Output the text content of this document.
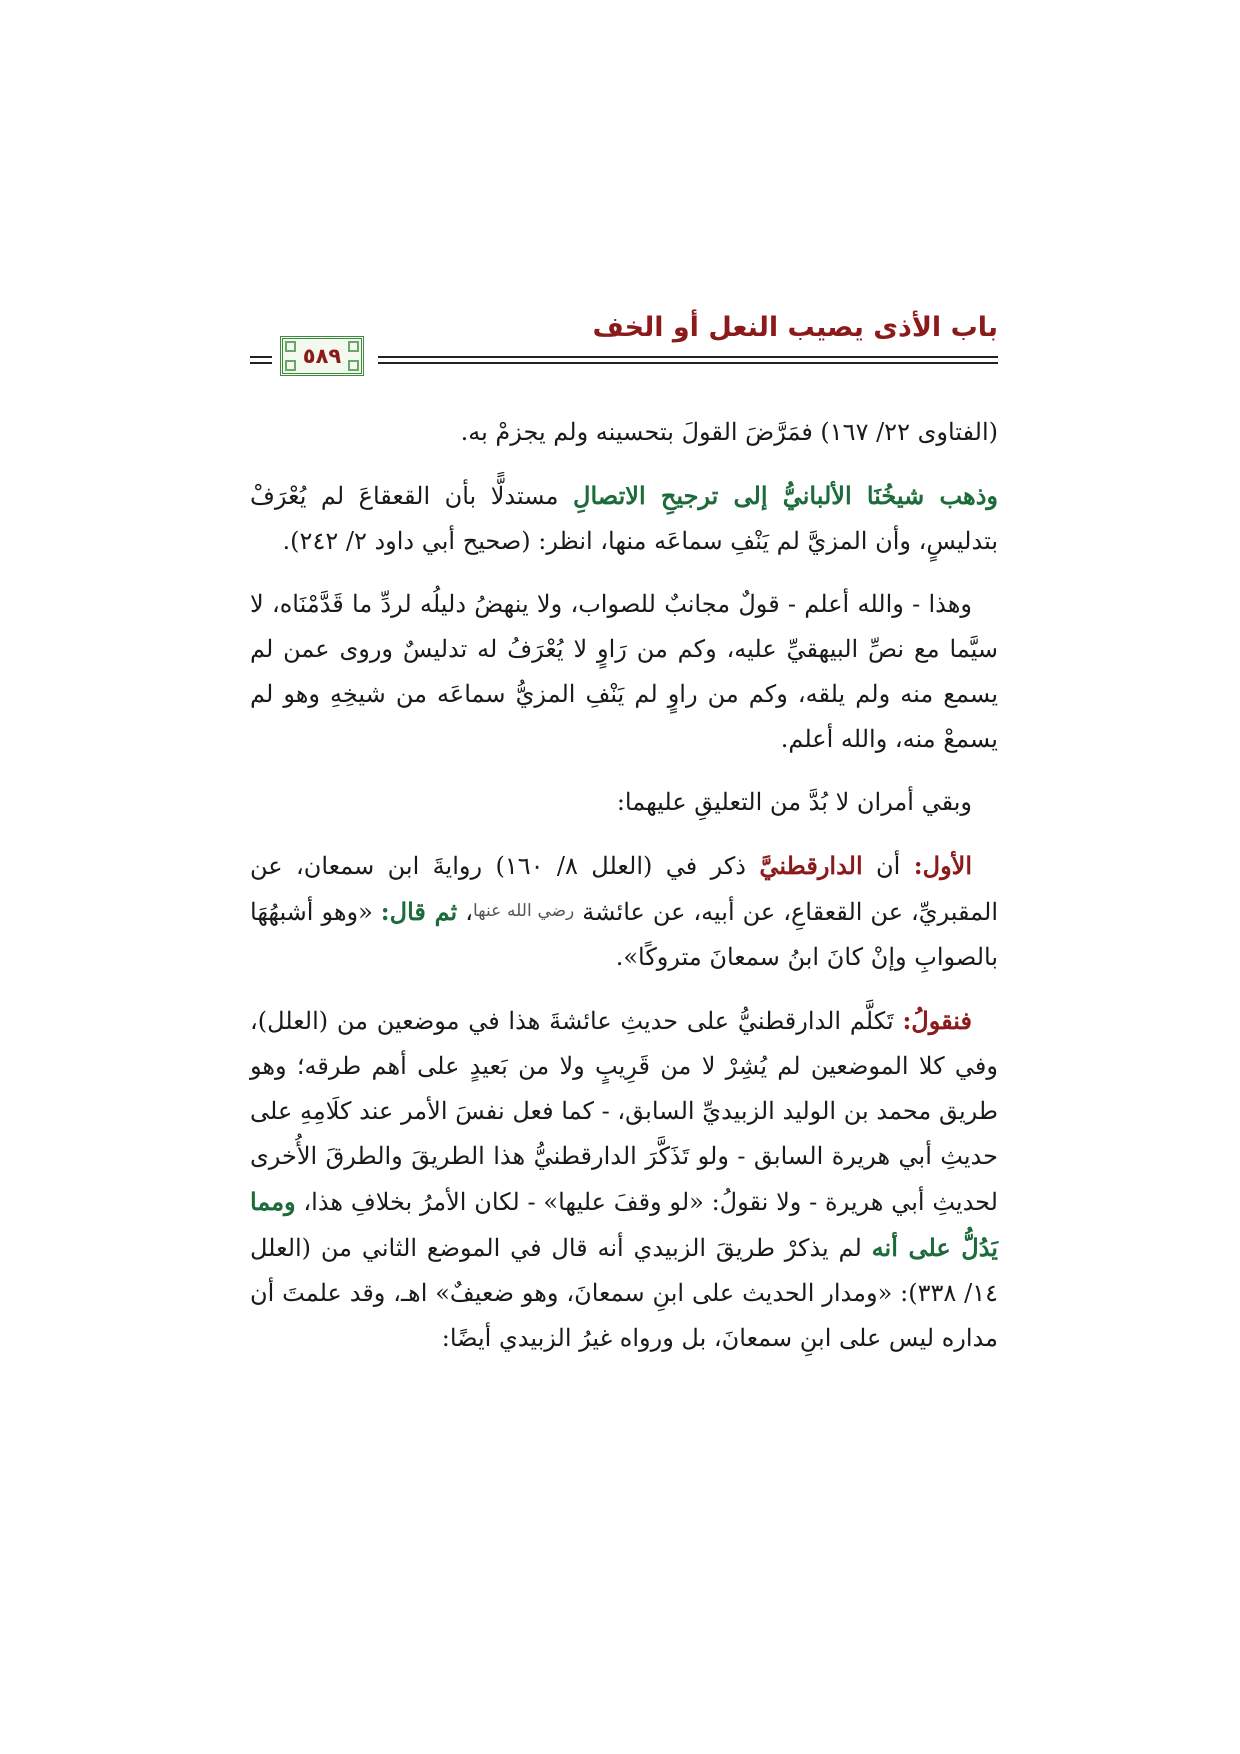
باب الأذى يصيب النعل أو الخف
٥٨٩

(الفتاوى ٢٢/ ١٦٧) فمَرَّضَ القولَ بتحسينه ولم يجزمْ به.

وذهب شيخُنَا الألبانيُّ إلى ترجيحِ الاتصالِ مستدلًّا بأن القعقاعَ لم يُعْرَفْ بتدليسٍ، وأن المزيَّ لم يَنْفِ سماعَه منها، انظر: (صحيح أبي داود ٢/ ٢٤٢).

وهذا - والله أعلم - قولٌ مجانبٌ للصواب، ولا ينهضُ دليلُه لردِّ ما قَدَّمْنَاه، لا سيَّما مع نصِّ البيهقيِّ عليه، وكم من رَاوٍ لا يُعْرَفُ له تدليسٌ وروى عمن لم يسمع منه ولم يلقه، وكم من راوٍ لم يَنْفِ المزيُّ سماعَه من شيخِهِ وهو لم يسمعْ منه، والله أعلم.

وبقي أمران لا بُدَّ من التعليقِ عليهما:

الأول: أن الدارقطنيَّ ذكر في (العلل ٨/ ١٦٠) روايةَ ابن سمعان، عن المقبريِّ، عن القعقاعِ، عن أبيه، عن عائشة رضي الله عنها، ثم قال: «وهو أشبهُهَا بالصوابِ وإنْ كانَ ابنُ سمعانَ متروكًا».

فنقولُ: تَكلَّم الدارقطنيُّ على حديثِ عائشةَ هذا في موضعين من (العلل)، وفي كلا الموضعين لم يُشِرْ لا من قَرِيبٍ ولا من بَعيدٍ على أهم طرقه؛ وهو طريق محمد بن الوليد الزبيديِّ السابق، - كما فعل نفسَ الأمر عند كلَامِهِ على حديثِ أبي هريرة السابق - ولو تَذَكَّرَ الدارقطنيُّ هذا الطريقَ والطرقَ الأُخرى لحديثِ أبي هريرة - ولا نقولُ: «لو وقفَ عليها» - لكان الأمرُ بخلافِ هذا، ومما يَدُلُّ على أنه لم يذكرْ طريقَ الزبيدي أنه قال في الموضع الثاني من (العلل ١٤/ ٣٣٨): «ومدار الحديث على ابنِ سمعانَ، وهو ضعيفٌ» اهـ، وقد علمتَ أن مداره ليس على ابنِ سمعانَ، بل ورواه غيرُ الزبيدي أيضًا:
